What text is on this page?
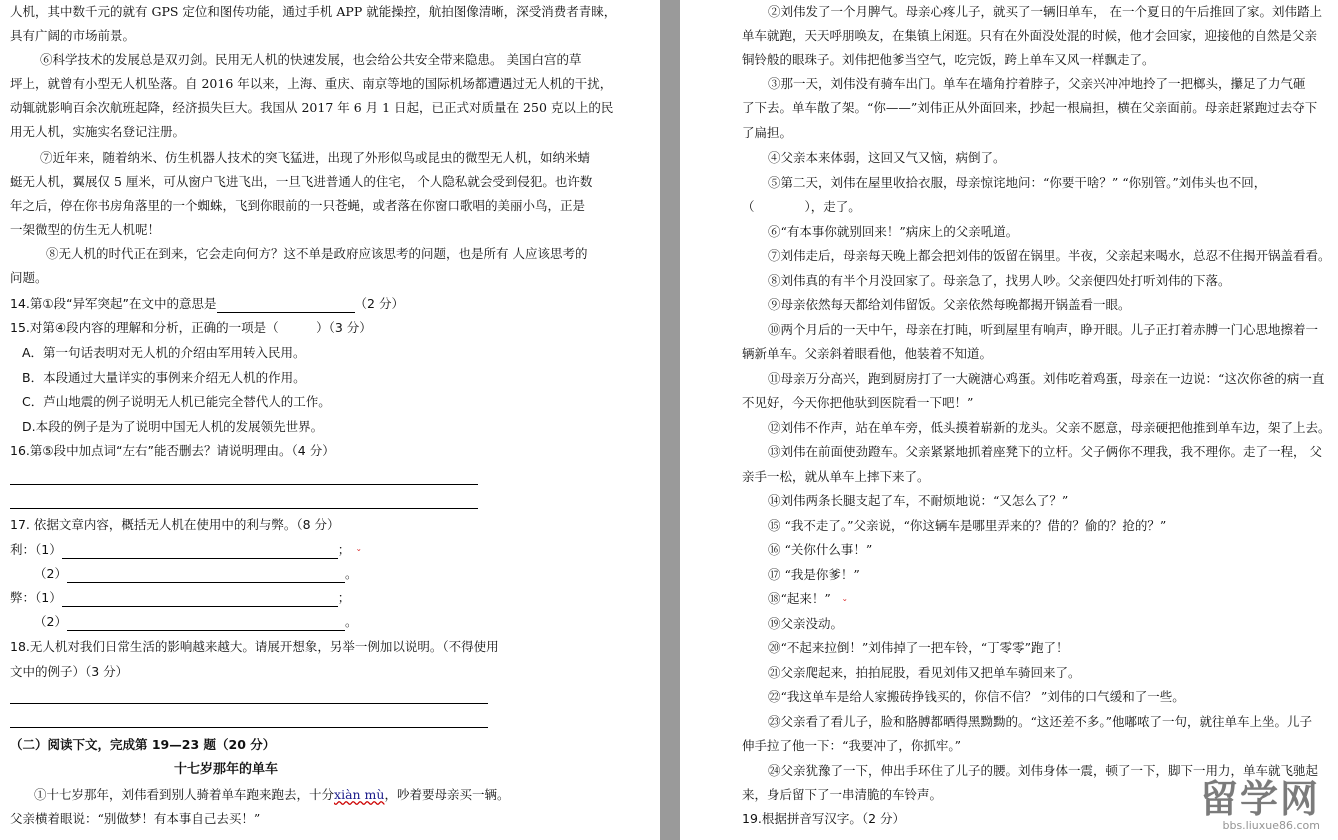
人机，其中数千元的就有 GPS 定位和图传功能，通过手机 APP 就能操控，航拍图像清晰，深受消费者青睐，
具有广阔的市场前景。
⑥科学技术的发展总是双刃剑。民用无人机的快速发展，也会给公共安全带来隐患。 美国白宫的草
坪上，就曾有小型无人机坠落。自 2016 年以来，上海、重庆、南京等地的国际机场都遭遇过无人机的干扰，
动辄就影响百余次航班起降，经济损失巨大。我国从 2017 年 6 月 1 日起，已正式对质量在 250 克以上的民
用无人机，实施实名登记注册。
⑦近年来，随着纳米、仿生机器人技术的突飞猛进，出现了外形似鸟或昆虫的微型无人机，如纳米蜻
蜓无人机，翼展仅 5 厘米，可从窗户飞进飞出，一旦飞进普通人的住宅， 个人隐私就会受到侵犯。也许数
年之后，停在你书房角落里的一个蜘蛛，飞到你眼前的一只苍蝇，或者落在你窗口歌唱的美丽小鸟，正是
一架微型的仿生无人机呢！
⑧无人机的时代正在到来，它会走向何方？这不单是政府应该思考的问题，也是所有 人应该思考的
问题。
14.第①段“异军突起”在文中的意思是	（2 分）
15.对第④段内容的理解和分析，正确的一项是（　　　）（3 分）
A．第一句话表明对无人机的介绍由军用转入民用。
B．本段通过大量详实的事例来介绍无人机的作用。
C．芦山地震的例子说明无人机已能完全替代人的工作。
D.本段的例子是为了说明中国无人机的发展领先世界。
16.第⑤段中加点词“左右”能否删去？请说明理由。（4 分）
17. 依据文章内容，概括无人机在使用中的利与弊。（8 分）
利：（1）	； ˇ
（2）	。
弊：（1）	；
（2）	。
18.无人机对我们日常生活的影响越来越大。请展开想象，另举一例加以说明。（不得使用
文中的例子）（3 分）
（二）阅读下文，完成第 19—23 题（20 分）
十七岁那年的单车
①十七岁那年，刘伟看到别人骑着单车跑来跑去，十分xiàn mù，吵着要母亲买一辆。
父亲横着眼说：“别做梦！有本事自己去买！”
②刘伟发了一个月脾气。母亲心疼儿子，就买了一辆旧单车， 在一个夏日的午后推回了家。刘伟踏上
单车就跑，天天呼朋唤友，在集镇上闲逛。只有在外面没处混的时候，他才会回家，迎接他的自然是父亲
铜铃般的眼珠子。刘伟把他爹当空气，吃完饭，跨上单车又风一样飘走了。
③那一天，刘伟没有骑车出门。单车在墙角拧着脖子，父亲兴冲冲地拎了一把榔头，攥足了力气砸
了下去。单车散了架。“你——”刘伟正从外面回来，抄起一根扁担，横在父亲面前。母亲赶紧跑过去夺下
了扁担。
④父亲本来体弱，这回又气又恼，病倒了。
⑤第二天，刘伟在屋里收拾衣服，母亲惊诧地问：“你要干啥？” “你别管。”刘伟头也不回，
（　　　　），走了。
⑥“有本事你就别回来！”病床上的父亲吼道。
⑦刘伟走后，母亲每天晚上都会把刘伟的饭留在锅里。半夜，父亲起来喝水，总忍不住揭开锅盖看看。
⑧刘伟真的有半个月没回家了。母亲急了，找男人吵。父亲便四处打听刘伟的下落。
⑨母亲依然每天都给刘伟留饭。父亲依然每晚都揭开锅盖看一眼。
⑩两个月后的一天中午，母亲在打盹，听到屋里有响声，睁开眼。儿子正打着赤膊一门心思地擦着一
辆新单车。父亲斜着眼看他，他装着不知道。
⑪母亲万分高兴，跑到厨房打了一大碗溏心鸡蛋。刘伟吃着鸡蛋，母亲在一边说：“这次你爸的病一直
不见好，今天你把他驮到医院看一下吧！”
⑫刘伟不作声，站在单车旁，低头摸着崭新的龙头。父亲不愿意，母亲硬把他推到单车边，架了上去。
⑬刘伟在前面使劲蹬车。父亲紧紧地抓着座凳下的立杆。父子俩你不理我，我不理你。走了一程， 父
亲手一松，就从单车上摔下来了。
⑭刘伟两条长腿支起了车，不耐烦地说：“又怎么了？”
⑮ “我不走了。”父亲说，“你这辆车是哪里弄来的？借的？偷的？抢的？”
⑯ “关你什么事！”
⑰ “我是你爹！”
⑱“起来！” ˇ
⑲父亲没动。
⑳“不起来拉倒！”刘伟掉了一把车铃，“丁零零”跑了！
㉑父亲爬起来，拍拍屁股，看见刘伟又把单车骑回来了。
㉒“我这单车是给人家搬砖挣钱买的，你信不信？ ”刘伟的口气缓和了一些。
㉓父亲看了看儿子，脸和胳膊都晒得黑黝黝的。“这还差不多。”他嘟哝了一句，就往单车上坐。儿子
伸手拉了他一下：“我要冲了，你抓牢。”
㉔父亲犹豫了一下，伸出手环住了儿子的腰。刘伟身体一震，顿了一下，脚下一用力，单车就飞驰起
来，身后留下了一串清脆的车铃声。
19.根据拼音写汉字。（2 分）	留学网
bbs.liuxue86.com
